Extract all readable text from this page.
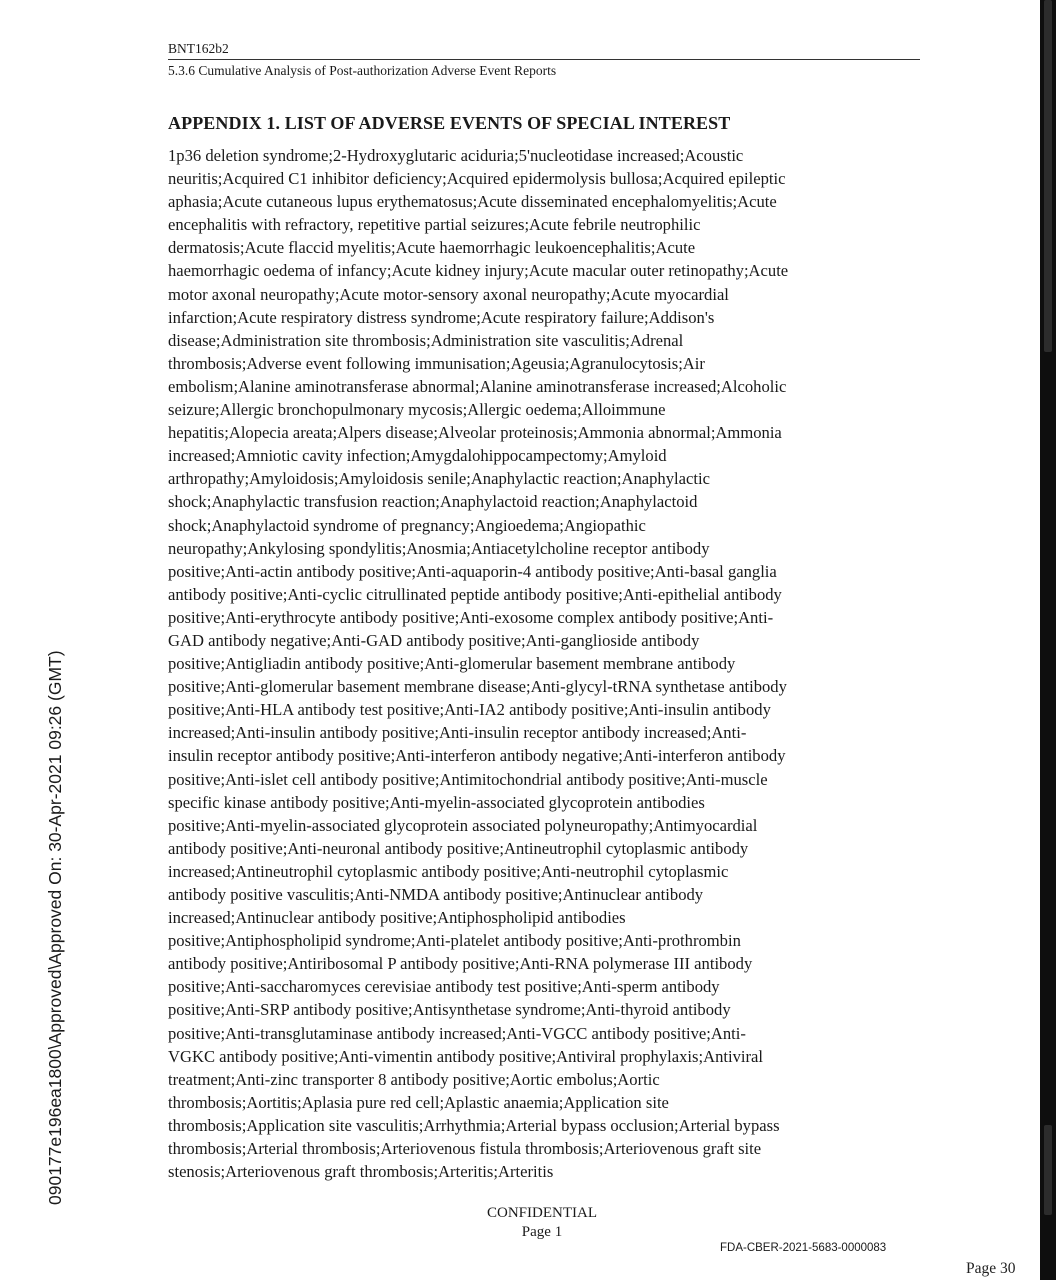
BNT162b2
5.3.6 Cumulative Analysis of Post-authorization Adverse Event Reports
APPENDIX 1. LIST OF ADVERSE EVENTS OF SPECIAL INTEREST
1p36 deletion syndrome;2-Hydroxyglutaric aciduria;5'nucleotidase increased;Acoustic
neuritis;Acquired C1 inhibitor deficiency;Acquired epidermolysis bullosa;Acquired epileptic
aphasia;Acute cutaneous lupus erythematosus;Acute disseminated encephalomyelitis;Acute
encephalitis with refractory, repetitive partial seizures;Acute febrile neutrophilic
dermatosis;Acute flaccid myelitis;Acute haemorrhagic leukoencephalitis;Acute
haemorrhagic oedema of infancy;Acute kidney injury;Acute macular outer retinopathy;Acute
motor axonal neuropathy;Acute motor-sensory axonal neuropathy;Acute myocardial
infarction;Acute respiratory distress syndrome;Acute respiratory failure;Addison's
disease;Administration site thrombosis;Administration site vasculitis;Adrenal
thrombosis;Adverse event following immunisation;Ageusia;Agranulocytosis;Air
embolism;Alanine aminotransferase abnormal;Alanine aminotransferase increased;Alcoholic
seizure;Allergic bronchopulmonary mycosis;Allergic oedema;Alloimmune
hepatitis;Alopecia areata;Alpers disease;Alveolar proteinosis;Ammonia abnormal;Ammonia
increased;Amniotic cavity infection;Amygdalohippocampectomy;Amyloid
arthropathy;Amyloidosis;Amyloidosis senile;Anaphylactic reaction;Anaphylactic
shock;Anaphylactic transfusion reaction;Anaphylactoid reaction;Anaphylactoid
shock;Anaphylactoid syndrome of pregnancy;Angioedema;Angiopathic
neuropathy;Ankylosing spondylitis;Anosmia;Antiacetylcholine receptor antibody
positive;Anti-actin antibody positive;Anti-aquaporin-4 antibody positive;Anti-basal ganglia
antibody positive;Anti-cyclic citrullinated peptide antibody positive;Anti-epithelial antibody
positive;Anti-erythrocyte antibody positive;Anti-exosome complex antibody positive;Anti-
GAD antibody negative;Anti-GAD antibody positive;Anti-ganglioside antibody
positive;Antigliadin antibody positive;Anti-glomerular basement membrane antibody
positive;Anti-glomerular basement membrane disease;Anti-glycyl-tRNA synthetase antibody
positive;Anti-HLA antibody test positive;Anti-IA2 antibody positive;Anti-insulin antibody
increased;Anti-insulin antibody positive;Anti-insulin receptor antibody increased;Anti-
insulin receptor antibody positive;Anti-interferon antibody negative;Anti-interferon antibody
positive;Anti-islet cell antibody positive;Antimitochondrial antibody positive;Anti-muscle
specific kinase antibody positive;Anti-myelin-associated glycoprotein antibodies
positive;Anti-myelin-associated glycoprotein associated polyneuropathy;Antimyocardial
antibody positive;Anti-neuronal antibody positive;Antineutrophil cytoplasmic antibody
increased;Antineutrophil cytoplasmic antibody positive;Anti-neutrophil cytoplasmic
antibody positive vasculitis;Anti-NMDA antibody positive;Antinuclear antibody
increased;Antinuclear antibody positive;Antiphospholipid antibodies
positive;Antiphospholipid syndrome;Anti-platelet antibody positive;Anti-prothrombin
antibody positive;Antiribosomal P antibody positive;Anti-RNA polymerase III antibody
positive;Anti-saccharomyces cerevisiae antibody test positive;Anti-sperm antibody
positive;Anti-SRP antibody positive;Antisynthetase syndrome;Anti-thyroid antibody
positive;Anti-transglutaminase antibody increased;Anti-VGCC antibody positive;Anti-
VGKC antibody positive;Anti-vimentin antibody positive;Antiviral prophylaxis;Antiviral
treatment;Anti-zinc transporter 8 antibody positive;Aortic embolus;Aortic
thrombosis;Aortitis;Aplasia pure red cell;Aplastic anaemia;Application site
thrombosis;Application site vasculitis;Arrhythmia;Arterial bypass occlusion;Arterial bypass
thrombosis;Arterial thrombosis;Arteriovenous fistula thrombosis;Arteriovenous graft site
stenosis;Arteriovenous graft thrombosis;Arteritis;Arteritis
090177e196ea1800\Approved\Approved On: 30-Apr-2021 09:26 (GMT)
CONFIDENTIAL
Page 1
FDA-CBER-2021-5683-0000083
Page 30
